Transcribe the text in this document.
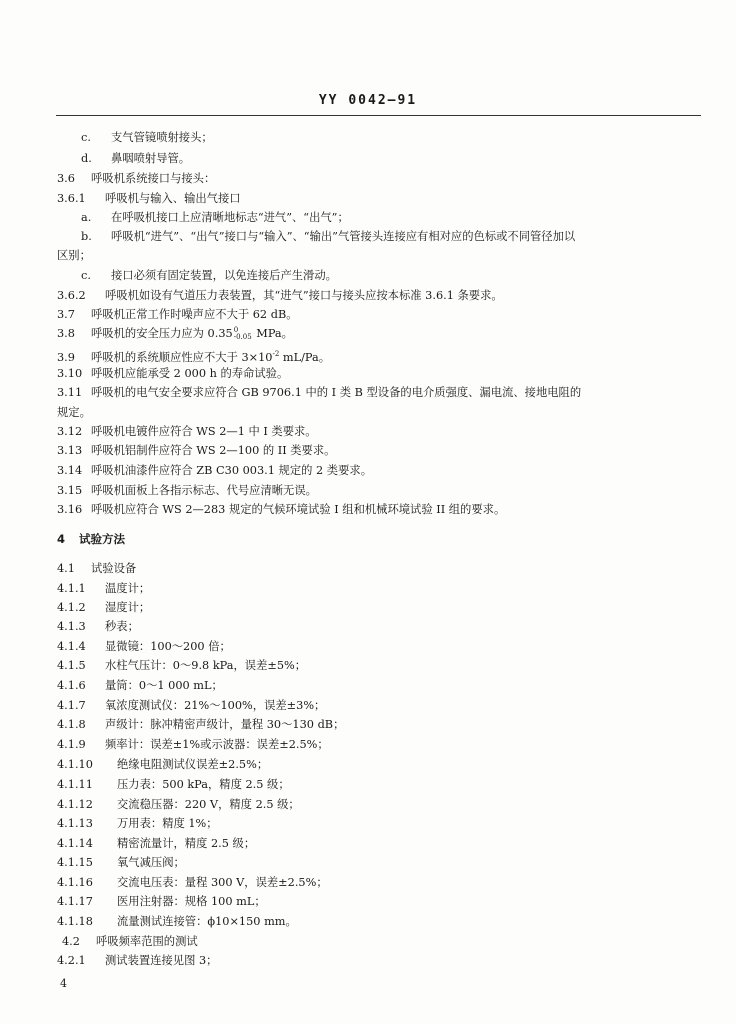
YY 0042—91
c. 支气管镜喷射接头；
d. 鼻咽喷射导管。
3.6 呼吸机系统接口与接头：
3.6.1 呼吸机与输入、输出气接口
a. 在呼吸机接口上应清晰地标志“进气”、“出气”；
b. 呼吸机“进气”、“出气”接口与“输入”、“输出”气管接头连接应有相对应的色标或不同管径加以
区别；
c. 接口必须有固定装置，以免连接后产生滑动。
3.6.2 呼吸机如设有气道压力表装置，其“进气”接口与接头应按本标准 3.6.1 条要求。
3.7 呼吸机正常工作时噪声应不大于 62 dB。
3.8 呼吸机的安全压力应为 0.35 0
-0.05 MPa。
3.9 呼吸机的系统顺应性应不大于 $3\times 10^{-2}$ mL/Pa。
3.10 呼吸机应能承受 2 000 h 的寿命试验。
3.11 呼吸机的电气安全要求应符合 GB 9706.1 中的 I 类 B 型设备的电介质强度、漏电流、接地电阻的
规定。
3.12 呼吸机电镀件应符合 WS 2—1 中 I 类要求。
3.13 呼吸机铝制件应符合 WS 2—100 的 II 类要求。
3.14 呼吸机油漆件应符合 ZB C30 003.1 规定的 2 类要求。
3.15 呼吸机面板上各指示标志、代号应清晰无误。
3.16 呼吸机应符合 WS 2—283 规定的气候环境试验 I 组和机械环境试验 II 组的要求。
4 试验方法
4.1 试验设备
4.1.1 温度计；
4.1.2 湿度计；
4.1.3 秒表；
4.1.4 显微镜：100～200 倍；
4.1.5 水柱气压计：0～9.8 kPa，误差±5%；
4.1.6 量筒：0～1 000 mL；
4.1.7 氧浓度测试仪：21%～100%，误差±3%；
4.1.8 声级计：脉冲精密声级计，量程 30～130 dB；
4.1.9 频率计：误差±1%或示波器：误差±2.5%；
4.1.10 绝缘电阻测试仪误差±2.5%；
4.1.11 压力表：500 kPa，精度 2.5 级；
4.1.12 交流稳压器：220 V，精度 2.5 级；
4.1.13 万用表：精度 1%；
4.1.14 精密流量计，精度 2.5 级；
4.1.15 氧气减压阀；
4.1.16 交流电压表：量程 300 V，误差±2.5%；
4.1.17 医用注射器：规格 100 mL；
4.1.18 流量测试连接管：ϕ10×150 mm。
4.2 呼吸频率范围的测试
4.2.1 测试装置连接见图 3；
4
